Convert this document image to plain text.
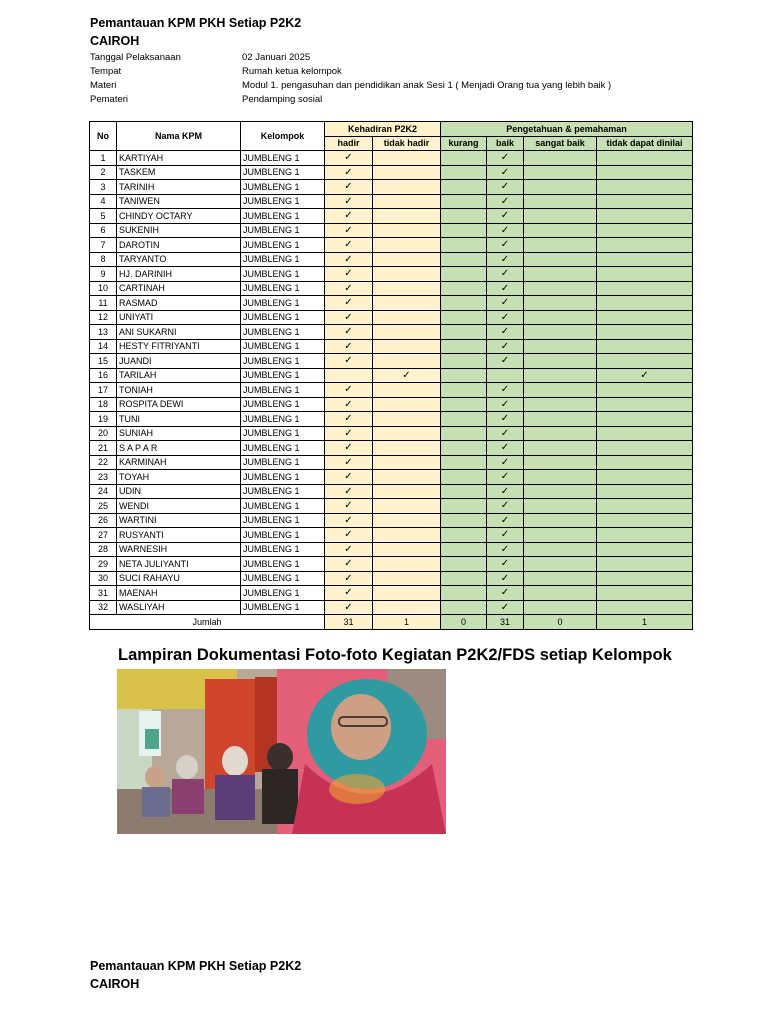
Pemantauan KPM PKH Setiap P2K2
CAIROH
Tanggal Pelaksanaan	02 Januari 2025
Tempat	Rumah ketua kelompok
Materi	Modul 1. pengasuhan dan pendidikan anak Sesi 1 ( Menjadi Orang tua yang lebih baik )
Pemateri	Pendamping sosial
No	Nama KPM	Kelompok	Kehadiran P2K2		Pengetahuan & pemahaman			
			hadir	tidak hadir	kurang	baik	sangat baik	tidak dapat dinilai
1	KARTIYAH	JUMBLENG 1	✓			✓		
2	TASKEM	JUMBLENG 1	✓			✓		
3	TARINIH	JUMBLENG 1	✓			✓		
4	TANIWEN	JUMBLENG 1	✓			✓		
5	CHINDY OCTARY	JUMBLENG 1	✓			✓		
6	SUKENIH	JUMBLENG 1	✓			✓		
7	DAROTIN	JUMBLENG 1	✓			✓		
8	TARYANTO	JUMBLENG 1	✓			✓		
9	HJ. DARINIH	JUMBLENG 1	✓			✓		
10	CARTINAH	JUMBLENG 1	✓			✓		
11	RASMAD	JUMBLENG 1	✓			✓		
12	UNIYATI	JUMBLENG 1	✓			✓		
13	ANI SUKARNI	JUMBLENG 1	✓			✓		
14	HESTY FITRIYANTI	JUMBLENG 1	✓			✓		
15	JUANDI	JUMBLENG 1	✓			✓		
16	TARILAH	JUMBLENG 1		✓				✓
17	TONIAH	JUMBLENG 1	✓			✓		
18	ROSPITA DEWI	JUMBLENG 1	✓			✓		
19	TUNI	JUMBLENG 1	✓			✓		
20	SUNIAH	JUMBLENG 1	✓			✓		
21	S A P A R	JUMBLENG 1	✓			✓		
22	KARMINAH	JUMBLENG 1	✓			✓		
23	TOYAH	JUMBLENG 1	✓			✓		
24	UDIN	JUMBLENG 1	✓			✓		
25	WENDI	JUMBLENG 1	✓			✓		
26	WARTINI	JUMBLENG 1	✓			✓		
27	RUSYANTI	JUMBLENG 1	✓			✓		
28	WARNESIH	JUMBLENG 1	✓			✓		
29	NETA JULIYANTI	JUMBLENG 1	✓			✓		
30	SUCI RAHAYU	JUMBLENG 1	✓			✓		
31	MAENAH	JUMBLENG 1	✓			✓		
32	WASLIYAH	JUMBLENG 1	✓			✓		
Jumlah			31	1	0	31	0	1
Lampiran Dokumentasi Foto-foto Kegiatan P2K2/FDS setiap Kelompok
Pemantauan KPM PKH Setiap P2K2
CAIROH
